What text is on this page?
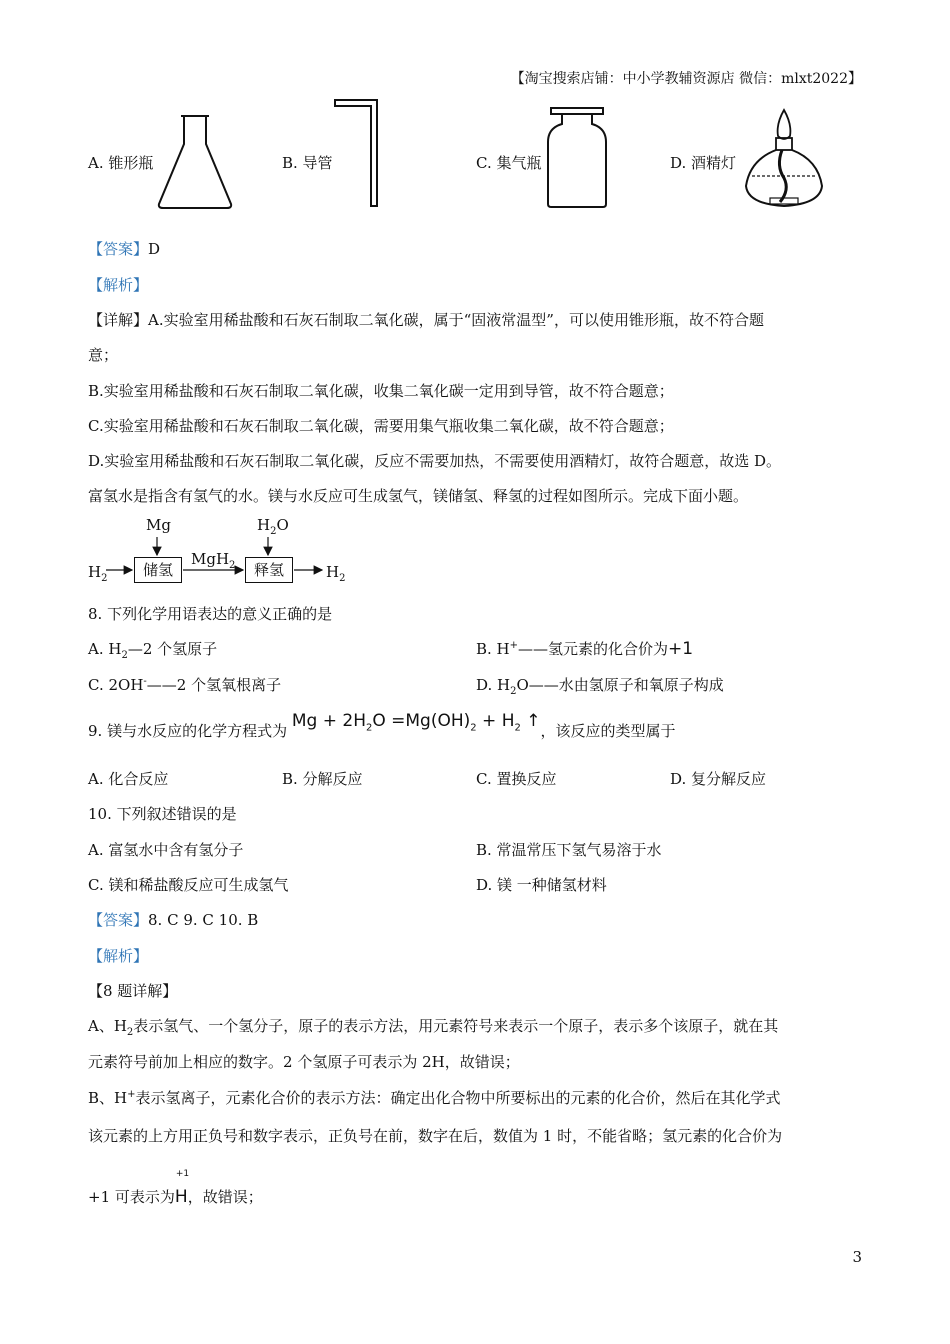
【淘宝搜索店铺：中小学教辅资源店 微信：mlxt2022】
A. 锥形瓶	B. 导管	C. 集气瓶	D. 酒精灯
【答案】D
【解析】
【详解】A.实验室用稀盐酸和石灰石制取二氧化碳，属于“固液常温型”，可以使用锥形瓶，故不符合题
意；
B.实验室用稀盐酸和石灰石制取二氧化碳，收集二氧化碳一定用到导管，故不符合题意；
C.实验室用稀盐酸和石灰石制取二氧化碳，需要用集气瓶收集二氧化碳，故不符合题意；
D.实验室用稀盐酸和石灰石制取二氧化碳，反应不需要加热，不需要使用酒精灯，故符合题意，故选 D。
富氢水是指含有氢气的水。镁与水反应可生成氢气，镁储氢、释氢的过程如图所示。完成下面小题。
$H_2$
Mg
储氢
MgH$_2$
$H_2O$
释氢	$H_2$
8. 下列化学用语表达的意义正确的是
A. $H_2—2$ 个氢原子	B. H+——氢元素的化合价为+1
C. 2OH-——2 个氢氧根离子	D. $H_2O——$水由氢原子和氧原子构成
9. 镁与水反应的化学方程式为 $Mg + 2H_2O =Mg(OH)_2 + H_2$ ↑，该反应的类型属于
A. 化合反应	B. 分解反应	C. 置换反应	D. 复分解反应
10. 下列叙述错误的是
A. 富氢水中含有氢分子	B. 常温常压下氢气易溶于水
C. 镁和稀盐酸反应可生成氢气	D. 镁 一种储氢材料
【答案】8. C 9. C 10. B
【解析】
【8 题详解】
A、$H_2$表示氢气、一个氢分子，原子的表示方法，用元素符号来表示一个原子，表示多个该原子，就在其
元素符号前加上相应的数字。2 个氢原子可表示为 2H，故错误；
B、H+表示氢离子，元素化合价的表示方法：确定出化合物中所要标出的元素的化合价，然后在其化学式
该元素的上方用正负号和数字表示，正负号在前，数字在后，数值为 1 时，不能省略；氢元素的化合价为
+1 可表示为
+1
H，故错误；
3
